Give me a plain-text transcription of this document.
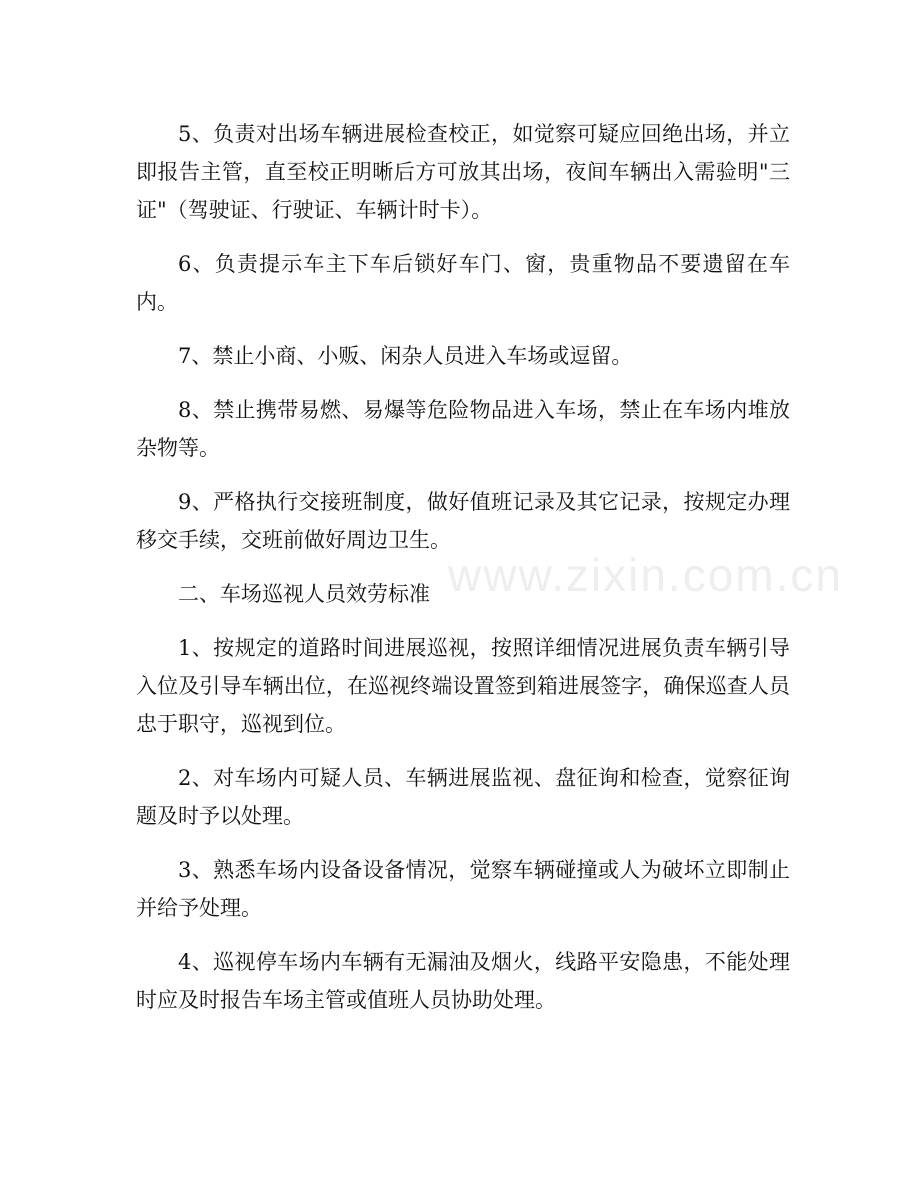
5、负责对出场车辆进展检查校正，如觉察可疑应回绝出场，并立即报告主管，直至校正明晰后方可放其出场，夜间车辆出入需验明"三证"（驾驶证、行驶证、车辆计时卡）。

6、负责提示车主下车后锁好车门、窗，贵重物品不要遗留在车内。

7、禁止小商、小贩、闲杂人员进入车场或逗留。

8、禁止携带易燃、易爆等危险物品进入车场，禁止在车场内堆放杂物等。

9、严格执行交接班制度，做好值班记录及其它记录，按规定办理移交手续，交班前做好周边卫生。

二、车场巡视人员效劳标准

1、按规定的道路时间进展巡视，按照详细情况进展负责车辆引导入位及引导车辆出位，在巡视终端设置签到箱进展签字，确保巡查人员忠于职守，巡视到位。

2、对车场内可疑人员、车辆进展监视、盘征询和检查，觉察征询题及时予以处理。

3、熟悉车场内设备设备情况，觉察车辆碰撞或人为破坏立即制止并给予处理。

4、巡视停车场内车辆有无漏油及烟火，线路平安隐患，不能处理时应及时报告车场主管或值班人员协助处理。

www.zixin.com.cn
